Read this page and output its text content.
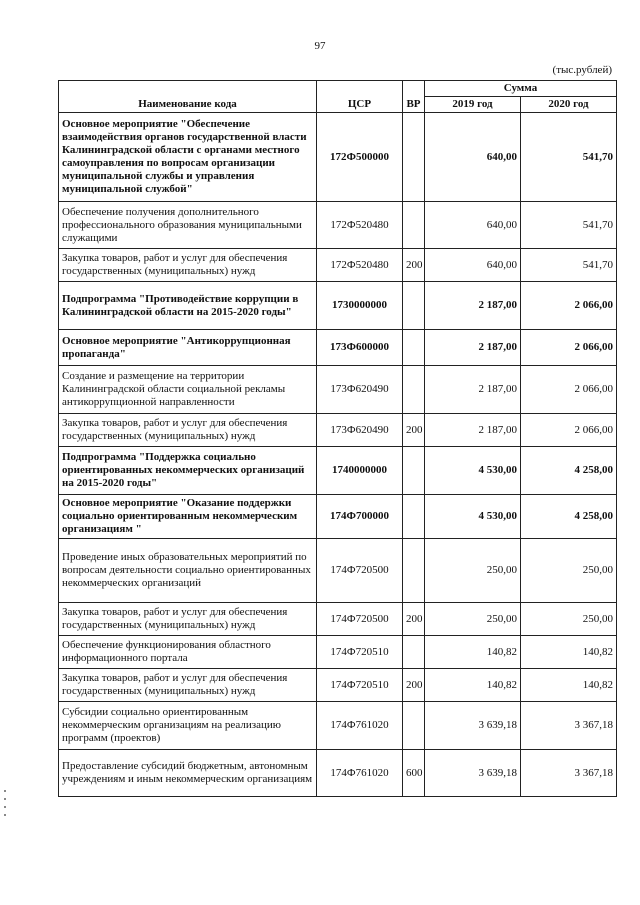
97
(тыс.рублей)
Наименование кода	ЦСР	ВР	Сумма	
			2019 год	2020 год
Основное мероприятие "Обеспечение взаимодействия органов государственной власти Калининградской области с органами местного самоуправления по вопросам организации муниципальной службы и управления муниципальной службой"	172Ф500000		640,00	541,70
Обеспечение получения дополнительного профессионального образования муниципальными служащими	172Ф520480		640,00	541,70
Закупка товаров, работ и услуг для обеспечения государственных (муниципальных) нужд	172Ф520480	200	640,00	541,70
Подпрограмма "Противодействие коррупции в Калининградской области на 2015-2020 годы"	1730000000		2 187,00	2 066,00
Основное мероприятие "Антикоррупционная пропаганда"	173Ф600000		2 187,00	2 066,00
Создание и размещение на территории Калининградской области социальной рекламы антикоррупционной направленности	173Ф620490		2 187,00	2 066,00
Закупка товаров, работ и услуг для обеспечения государственных (муниципальных) нужд	173Ф620490	200	2 187,00	2 066,00
Подпрограмма "Поддержка социально ориентированных некоммерческих организаций на 2015-2020 годы"	1740000000		4 530,00	4 258,00
Основное мероприятие "Оказание поддержки социально ориентированным некоммерческим организациям "	174Ф700000		4 530,00	4 258,00
Проведение иных образовательных мероприятий по вопросам деятельности социально ориентированных некоммерческих организаций	174Ф720500		250,00	250,00
Закупка товаров, работ и услуг для обеспечения государственных (муниципальных) нужд	174Ф720500	200	250,00	250,00
Обеспечение функционирования областного информационного портала	174Ф720510		140,82	140,82
Закупка товаров, работ и услуг для обеспечения государственных (муниципальных) нужд	174Ф720510	200	140,82	140,82
Субсидии социально ориентированным некоммерческим организациям на реализацию программ (проектов)	174Ф761020		3 639,18	3 367,18
Предоставление субсидий бюджетным, автономным учреждениям и иным некоммерческим организациям	174Ф761020	600	3 639,18	3 367,18
